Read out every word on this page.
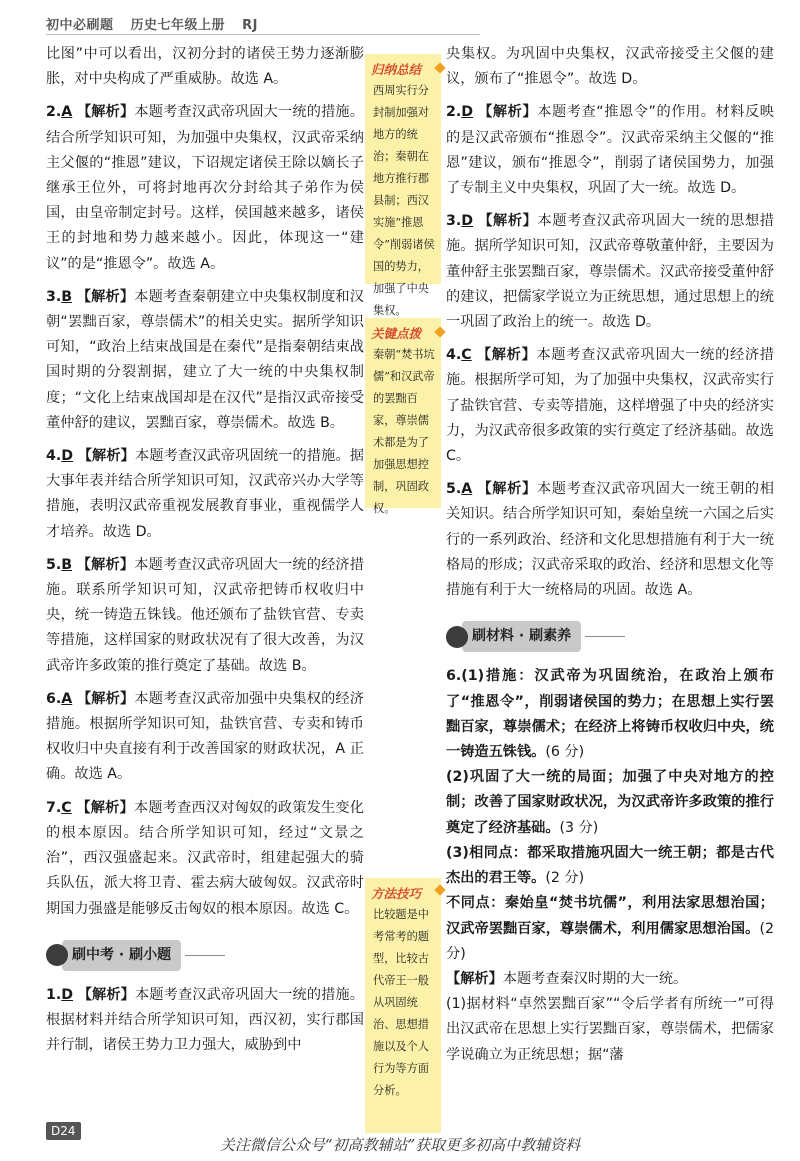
初中必刷题 历史七年级上册 RJ

比图”中可以看出，汉初分封的诸侯王势力逐渐膨胀，对中央构成了严重威胁。故选 A。

2.A 【解析】本题考查汉武帝巩固大一统的措施。结合所学知识可知，为加强中央集权，汉武帝采纳主父偃的“推恩”建议，下诏规定诸侯王除以嫡长子继承王位外，可将封地再次分封给其子弟作为侯国，由皇帝制定封号。这样，侯国越来越多，诸侯王的封地和势力越来越小。因此，体现这一“建议”的是“推恩令”。故选 A。

3.B 【解析】本题考查秦朝建立中央集权制度和汉朝“罢黜百家，尊崇儒术”的相关史实。据所学知识可知，“政治上结束战国是在秦代”是指秦朝结束战国时期的分裂割据，建立了大一统的中央集权制度；“文化上结束战国却是在汉代”是指汉武帝接受董仲舒的建议，罢黜百家，尊崇儒术。故选 B。

4.D 【解析】本题考查汉武帝巩固统一的措施。据大事年表并结合所学知识可知，汉武帝兴办大学等措施，表明汉武帝重视发展教育事业，重视儒学人才培养。故选 D。

5.B 【解析】本题考查汉武帝巩固大一统的经济措施。联系所学知识可知，汉武帝把铸币权收归中央，统一铸造五铢钱。他还颁布了盐铁官营、专卖等措施，这样国家的财政状况有了很大改善，为汉武帝许多政策的推行奠定了基础。故选 B。

6.A 【解析】本题考查汉武帝加强中央集权的经济措施。根据所学知识可知，盐铁官营、专卖和铸币权收归中央直接有利于改善国家的财政状况，A 正确。故选 A。

7.C 【解析】本题考查西汉对匈奴的政策发生变化的根本原因。结合所学知识可知，经过“文景之治”，西汉强盛起来。汉武帝时，组建起强大的骑兵队伍，派大将卫青、霍去病大破匈奴。汉武帝时期国力强盛是能够反击匈奴的根本原因。故选 C。

刷中考 · 刷小题

1.D 【解析】本题考查汉武帝巩固大一统的措施。根据材料并结合所学知识可知，西汉初，实行郡国并行制，诸侯王势力卫力强大，威胁到中

归纳总结
西周实行分封制加强对地方的统治；秦朝在地方推行郡县制；西汉实施“推恩令”削弱诸侯国的势力，加强了中央集权。
关键点拨
秦朝“焚书坑儒”和汉武帝的罢黜百家，尊崇儒术都是为了加强思想控制，巩固政权。
方法技巧
比较题是中考常考的题型，比较古代帝王一般从巩固统治、思想措施以及个人行为等方面分析。

央集权。为巩固中央集权，汉武帝接受主父偃的建议，颁布了“推恩令”。故选 D。

2.D 【解析】本题考查“推恩令”的作用。材料反映的是汉武帝颁布“推恩令”。汉武帝采纳主父偃的“推恩”建议，颁布“推恩令”，削弱了诸侯国势力，加强了专制主义中央集权，巩固了大一统。故选 D。

3.D 【解析】本题考查汉武帝巩固大一统的思想措施。据所学知识可知，汉武帝尊敬董仲舒，主要因为董仲舒主张罢黜百家，尊崇儒术。汉武帝接受董仲舒的建议，把儒家学说立为正统思想，通过思想上的统一巩固了政治上的统一。故选 D。

4.C 【解析】本题考查汉武帝巩固大一统的经济措施。根据所学可知，为了加强中央集权，汉武帝实行了盐铁官营、专卖等措施，这样增强了中央的经济实力，为汉武帝很多政策的实行奠定了经济基础。故选 C。

5.A 【解析】本题考查汉武帝巩固大一统王朝的相关知识。结合所学知识可知，秦始皇统一六国之后实行的一系列政治、经济和文化思想措施有利于大一统格局的形成；汉武帝采取的政治、经济和思想文化等措施有利于大一统格局的巩固。故选 A。

刷材料 · 刷素养

6.(1)措施：汉武帝为巩固统治，在政治上颁布了“推恩令”，削弱诸侯国的势力；在思想上实行罢黜百家，尊崇儒术；在经济上将铸币权收归中央，统一铸造五铢钱。(6 分)

(2)巩固了大一统的局面；加强了中央对地方的控制；改善了国家财政状况，为汉武帝许多政策的推行奠定了经济基础。(3 分)

(3)相同点：都采取措施巩固大一统王朝；都是古代杰出的君王等。(2 分)

不同点：秦始皇“焚书坑儒”，利用法家思想治国；汉武帝罢黜百家，尊崇儒术，利用儒家思想治国。(2 分)

【解析】本题考查秦汉时期的大一统。

(1)据材料“卓然罢黜百家”“令后学者有所统一”可得出汉武帝在思想上实行罢黜百家，尊崇儒术，把儒家学说确立为正统思想；据“藩

D24
关注微信公众号“初高教辅站”获取更多初高中教辅资料
